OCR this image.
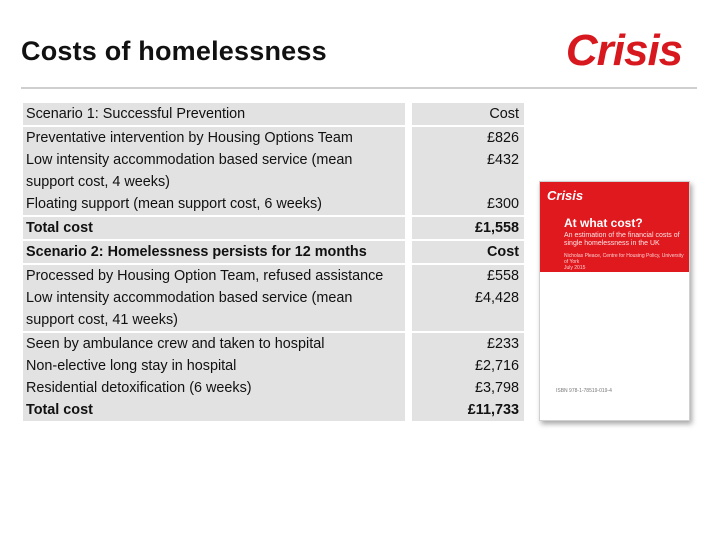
Costs of homelessness	Crisis
Scenario 1: Successful Prevention	Cost
Preventative intervention by Housing Options Team	£826
Low intensity accommodation based service (mean support cost, 4 weeks)	£432
Floating support (mean support cost, 6 weeks)	£300
Total cost	£1,558
Scenario 2: Homelessness persists for 12 months	Cost
Processed by Housing Option Team, refused assistance	£558
Low intensity accommodation based service (mean support cost, 41 weeks)	£4,428
Seen by ambulance crew and taken to hospital	£233
Non-elective long stay in hospital	£2,716
Residential detoxification (6 weeks)	£3,798
Total cost	£11,733
Crisis
At what cost?
An estimation of the financial costs of single homelessness in the UK
Nicholas Pleace, Centre for Housing Policy, University of York
July 2015
ISBN 978-1-78519-019-4
